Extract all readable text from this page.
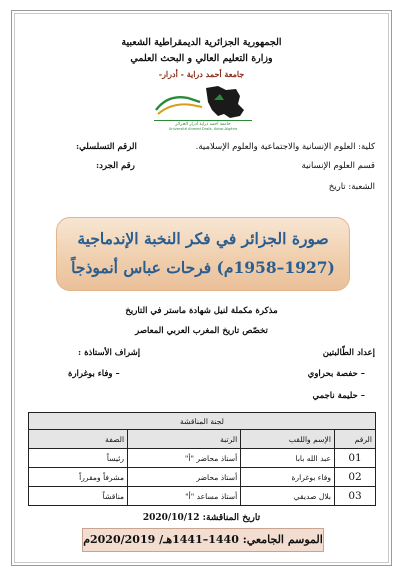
الجمهورية الجزائرية الديمقراطية الشعبية
وزارة التعليم العالي و البحث العلمي
جامعة أحمد دراية - أدرار-
جامعة أحمد دراية أدرار الجزائر
Université Ahmed Draïa, Adrar-Algérie
كلية: العلوم الإنسانية والاجتماعية والعلوم الإسلامية.
الرقم التسلسلي:
قسم العلوم الإنسانية
رقم الجرد:
الشعبة: تاريخ
صورة الجزائر في فكر النخبة الإندماجية
(1927–1958م) فرحات عباس أنموذجاً
مذكرة مكملة لنيل شهادة ماستر في التاريخ
تخصّص تاريخ المغرب العربي المعاصر
إعداد الطّالبتين
إشراف الأستاذة :
– حفصة بحراوي
– وفاء بوغرارة
– حليمة ناجمي
لجنة المناقشة			
الرقم	الإسم واللقب	الرتبة	الصفة
01	عبد الله بابا	أستاذ محاضر "أ"	رئيساً
02	وفاء بوغرارة	أستاذ محاضر	مشرفاً ومقرراً
03	بلال صديقي	أستاذ مساعد "أ"	مناقشاً
تاريخ المناقشة: 2020/10/12
الموسم الجامعي: 1440–1441هـ/ 2020/2019م
